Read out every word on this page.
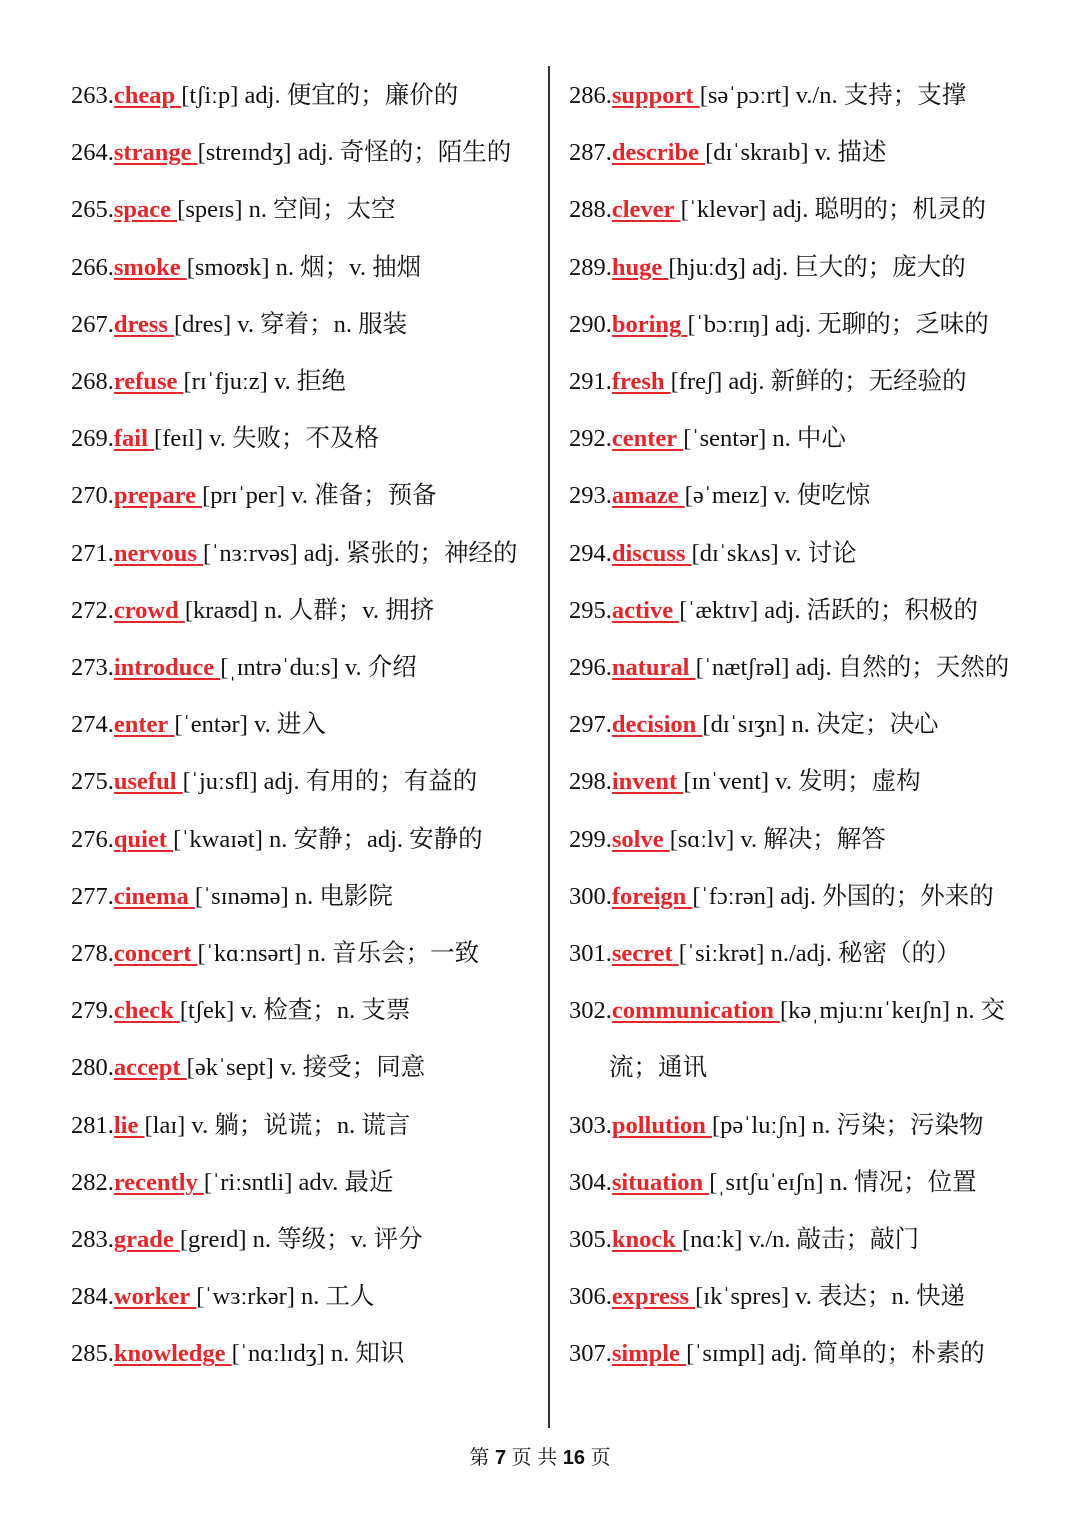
263.cheap [tʃiːp] adj. 便宜的；廉价的
264.strange [streɪndʒ] adj. 奇怪的；陌生的
265.space [speɪs] n. 空间；太空
266.smoke [smoʊk] n. 烟；v. 抽烟
267.dress [dres] v. 穿着；n. 服装
268.refuse [rɪˈfjuːz] v. 拒绝
269.fail [feɪl] v. 失败；不及格
270.prepare [prɪˈper] v. 准备；预备
271.nervous [ˈnɜːrvəs] adj. 紧张的；神经的
272.crowd [kraʊd] n. 人群；v. 拥挤
273.introduce [ˌɪntrəˈduːs] v. 介绍
274.enter [ˈentər] v. 进入
275.useful [ˈjuːsfl] adj. 有用的；有益的
276.quiet [ˈkwaɪət] n. 安静；adj. 安静的
277.cinema [ˈsɪnəmə] n. 电影院
278.concert [ˈkɑːnsərt] n. 音乐会；一致
279.check [tʃek] v. 检查；n. 支票
280.accept [əkˈsept] v. 接受；同意
281.lie [laɪ] v. 躺；说谎；n. 谎言
282.recently [ˈriːsntli] adv. 最近
283.grade [greɪd] n. 等级；v. 评分
284.worker [ˈwɜːrkər] n. 工人
285.knowledge [ˈnɑːlɪdʒ] n. 知识
286.support [səˈpɔːrt] v./n. 支持；支撑
287.describe [dɪˈskraɪb] v. 描述
288.clever [ˈklevər] adj. 聪明的；机灵的
289.huge [hjuːdʒ] adj. 巨大的；庞大的
290.boring [ˈbɔːrɪŋ] adj. 无聊的；乏味的
291.fresh [freʃ] adj. 新鲜的；无经验的
292.center [ˈsentər] n. 中心
293.amaze [əˈmeɪz] v. 使吃惊
294.discuss [dɪˈskʌs] v. 讨论
295.active [ˈæktɪv] adj. 活跃的；积极的
296.natural [ˈnætʃrəl] adj. 自然的；天然的
297.decision [dɪˈsɪʒn] n. 决定；决心
298.invent [ɪnˈvent] v. 发明；虚构
299.solve [sɑːlv] v. 解决；解答
300.foreign [ˈfɔːrən] adj. 外国的；外来的
301.secret [ˈsiːkrət] n./adj. 秘密（的）
302.communication [kəˌmjuːnɪˈkeɪʃn] n. 交
流；通讯
303.pollution [pəˈluːʃn] n. 污染；污染物
304.situation [ˌsɪtʃuˈeɪʃn] n. 情况；位置
305.knock [nɑːk] v./n. 敲击；敲门
306.express [ɪkˈspres] v. 表达；n. 快递
307.simple [ˈsɪmpl] adj. 简单的；朴素的
第 7 页 共 16 页
